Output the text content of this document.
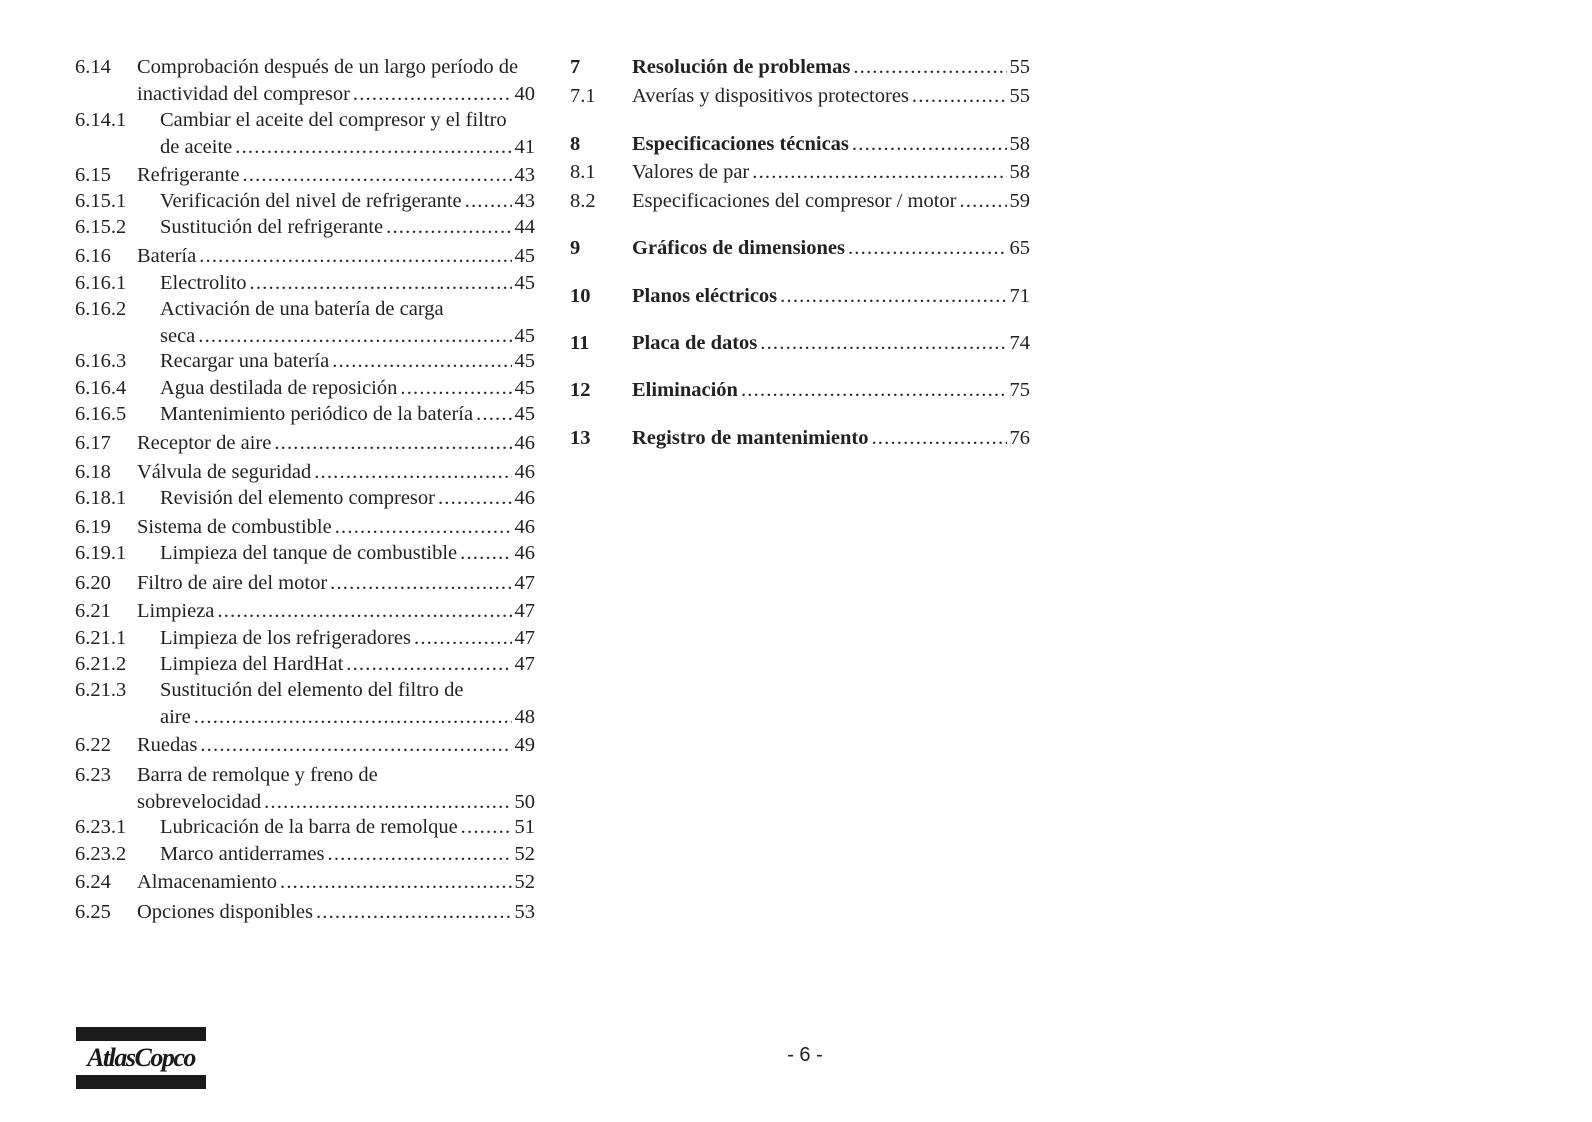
6.14	Comprobación después de un largo período de
inactividad del compresor .....	40
6.14.1	Cambiar el aceite del compresor y el filtro
de aceite .....	41
6.15	Refrigerante .....	43
6.15.1	Verificación del nivel de refrigerante .....	43
6.15.2	Sustitución del refrigerante .....	44
6.16	Batería .....	45
6.16.1	Electrolito .....	45
6.16.2	Activación de una batería de carga
seca .....	45
6.16.3	Recargar una batería .....	45
6.16.4	Agua destilada de reposición .....	45
6.16.5	Mantenimiento periódico de la batería ..... 45
6.17	Receptor de aire .....	46
6.18	Válvula de seguridad .....	46
6.18.1	Revisión del elemento compresor .....	46
6.19	Sistema de combustible .....	46
6.19.1	Limpieza del tanque de combustible .....	46
6.20	Filtro de aire del motor .....	47
6.21	Limpieza .....	47
6.21.1	Limpieza de los refrigeradores .....	47
6.21.2	Limpieza del HardHat .....	47
6.21.3	Sustitución del elemento del filtro de
aire .....	48
6.22	Ruedas .....	49
6.23	Barra de remolque y freno de
sobrevelocidad .....	50
6.23.1	Lubricación de la barra de remolque .....	51
6.23.2	Marco antiderrames .....	52
6.24	Almacenamiento .....	52
6.25	Opciones disponibles .....	53
7	Resolución de problemas .....	55
7.1	Averías y dispositivos protectores .....	55
8	Especificaciones técnicas .....	58
8.1	Valores de par .....	58
8.2	Especificaciones del compresor / motor .....	59
9	Gráficos de dimensiones .....	65
10	Planos eléctricos .....	71
11	Placa de datos .....	74
12	Eliminación .....	75
13	Registro de mantenimiento .....	76
AtlasCopco	- 6 -
